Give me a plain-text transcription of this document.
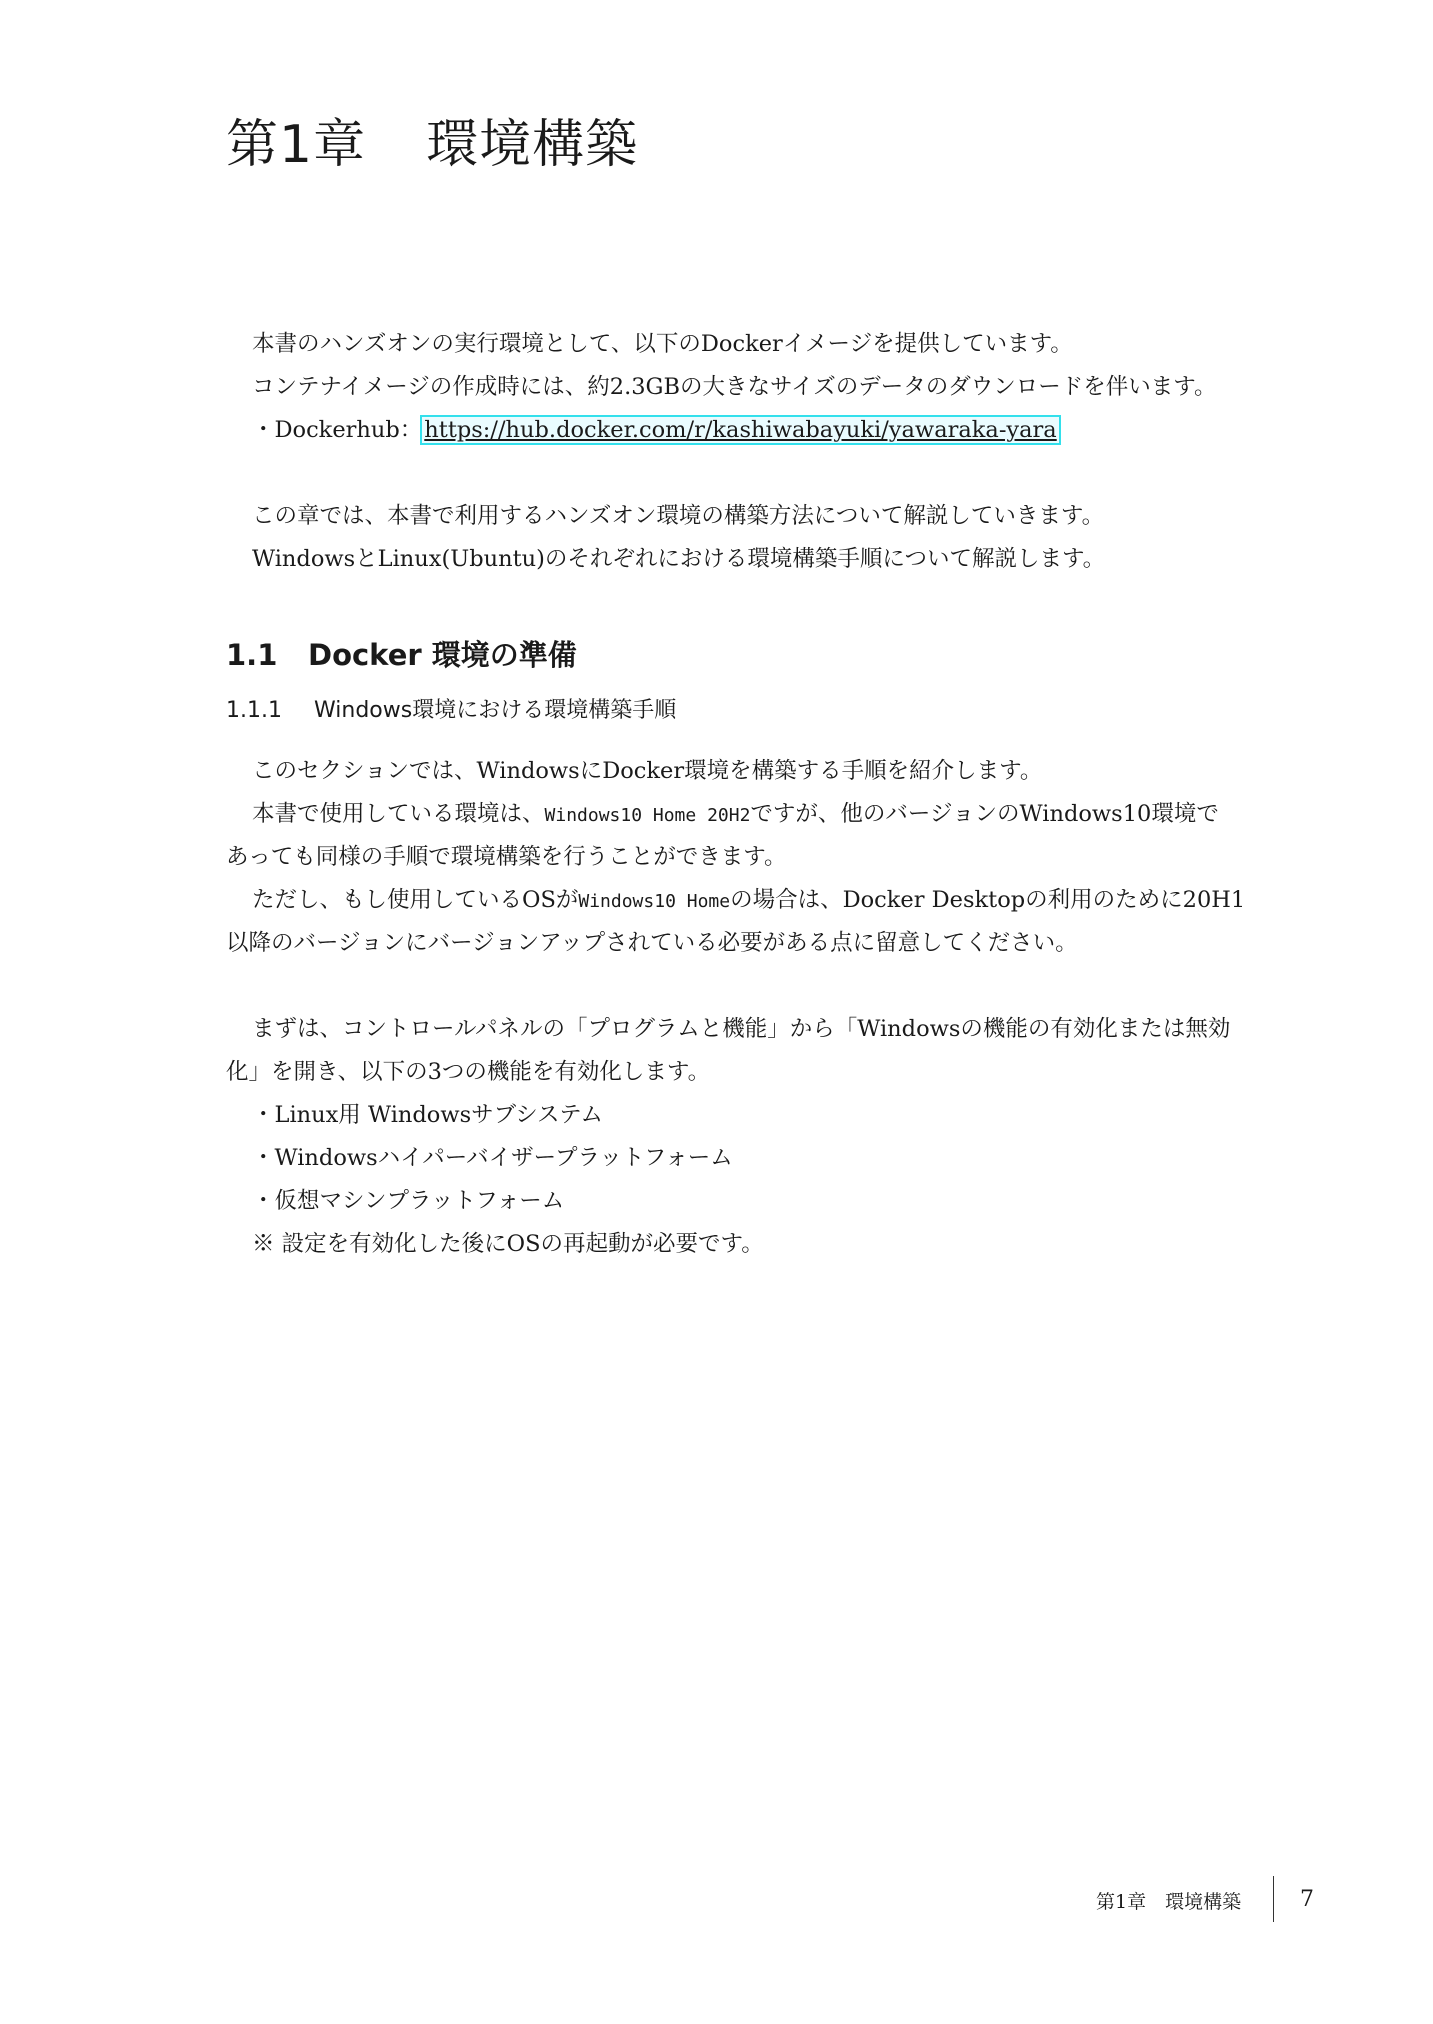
第1章 環境構築

本書のハンズオンの実行環境として、以下のDockerイメージを提供しています。

コンテナイメージの作成時には、約2.3GBの大きなサイズのデータのダウンロードを伴います。

・Dockerhub：https://hub.docker.com/r/kashiwabayuki/yawaraka-yara

この章では、本書で利用するハンズオン環境の構築方法について解説していきます。

WindowsとLinux(Ubuntu)のそれぞれにおける環境構築手順について解説します。

1.1 Docker 環境の準備
1.1.1 Windows環境における環境構築手順

このセクションでは、WindowsにDocker環境を構築する手順を紹介します。

本書で使用している環境は、Windows10 Home 20H2ですが、他のバージョンのWindows10環境で

あっても同様の手順で環境構築を行うことができます。

ただし、もし使用しているOSがWindows10 Homeの場合は、Docker Desktopの利用のために20H1

以降のバージョンにバージョンアップされている必要がある点に留意してください。

まずは、コントロールパネルの「プログラムと機能」から「Windowsの機能の有効化または無効

化」を開き、以下の3つの機能を有効化します。

・Linux用 Windowsサブシステム

・Windowsハイパーバイザープラットフォーム

・仮想マシンプラットフォーム

※ 設定を有効化した後にOSの再起動が必要です。

第1章　環境構築	7
